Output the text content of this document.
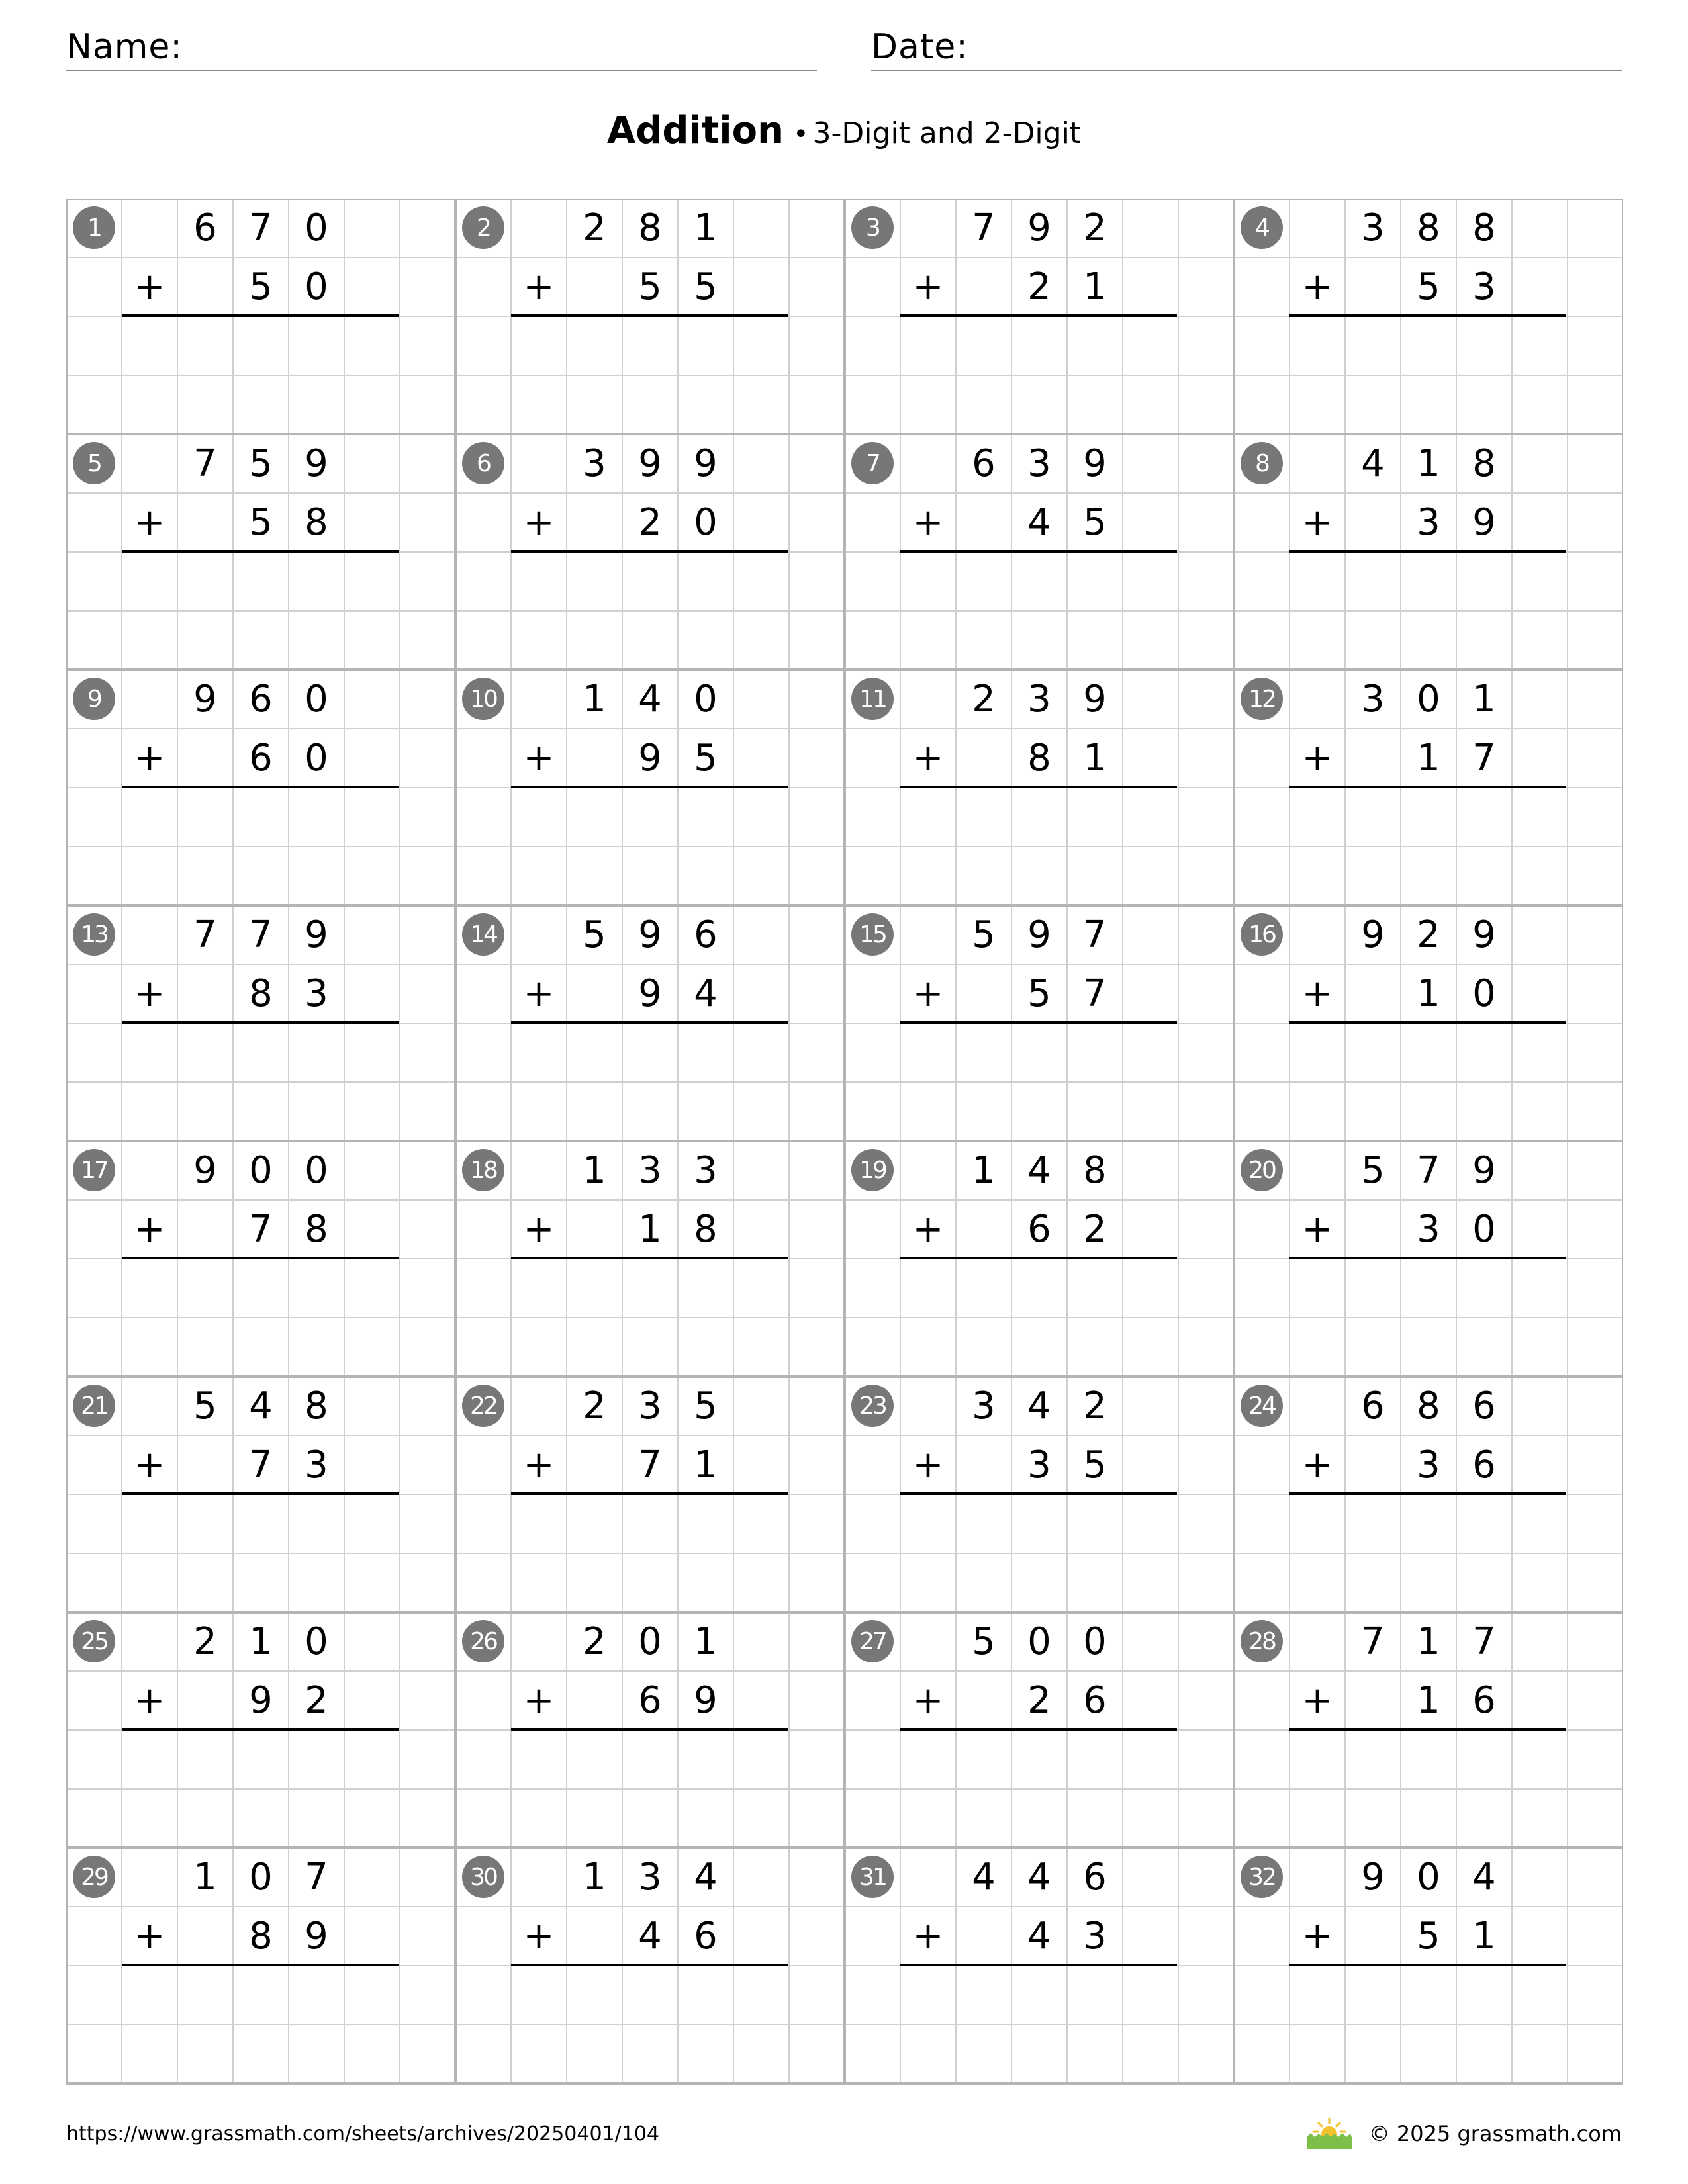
Name:	Date:
Addition • 3-Digit and 2-Digit
1	6 7 0
+	5 0
2	2 8 1
+	5 5
3	7 9 2
+	2 1
4	3 8 8
+	5 3
5	7 5 9
+	5 8
6	3 9 9
+	2 0
7	6 3 9
+	4 5
8	4 1 8
+	3 9
9	9 6 0
+	6 0
10	1 4 0
+	9 5
11	2 3 9
+	8 1
12	3 0 1
+	1 7
13	7 7 9
+	8 3
14	5 9 6
+	9 4
15	5 9 7
+	5 7
16	9 2 9
+	1 0
17	9 0 0
+	7 8
18	1 3 3
+	1 8
19	1 4 8
+	6 2
20	5 7 9
+	3 0
21	5 4 8
+	7 3
22	2 3 5
+	7 1
23	3 4 2
+	3 5
24	6 8 6
+	3 6
25	2 1 0
+	9 2
26	2 0 1
+	6 9
27	5 0 0
+	2 6
28	7 1 7
+	1 6
29	1 0 7
+	8 9
30	1 3 4
+	4 6
31	4 4 6
+	4 3
32	9 0 4
+	5 1
https://www.grassmath.com/sheets/archives/20250401/104	© 2025 grassmath.com
